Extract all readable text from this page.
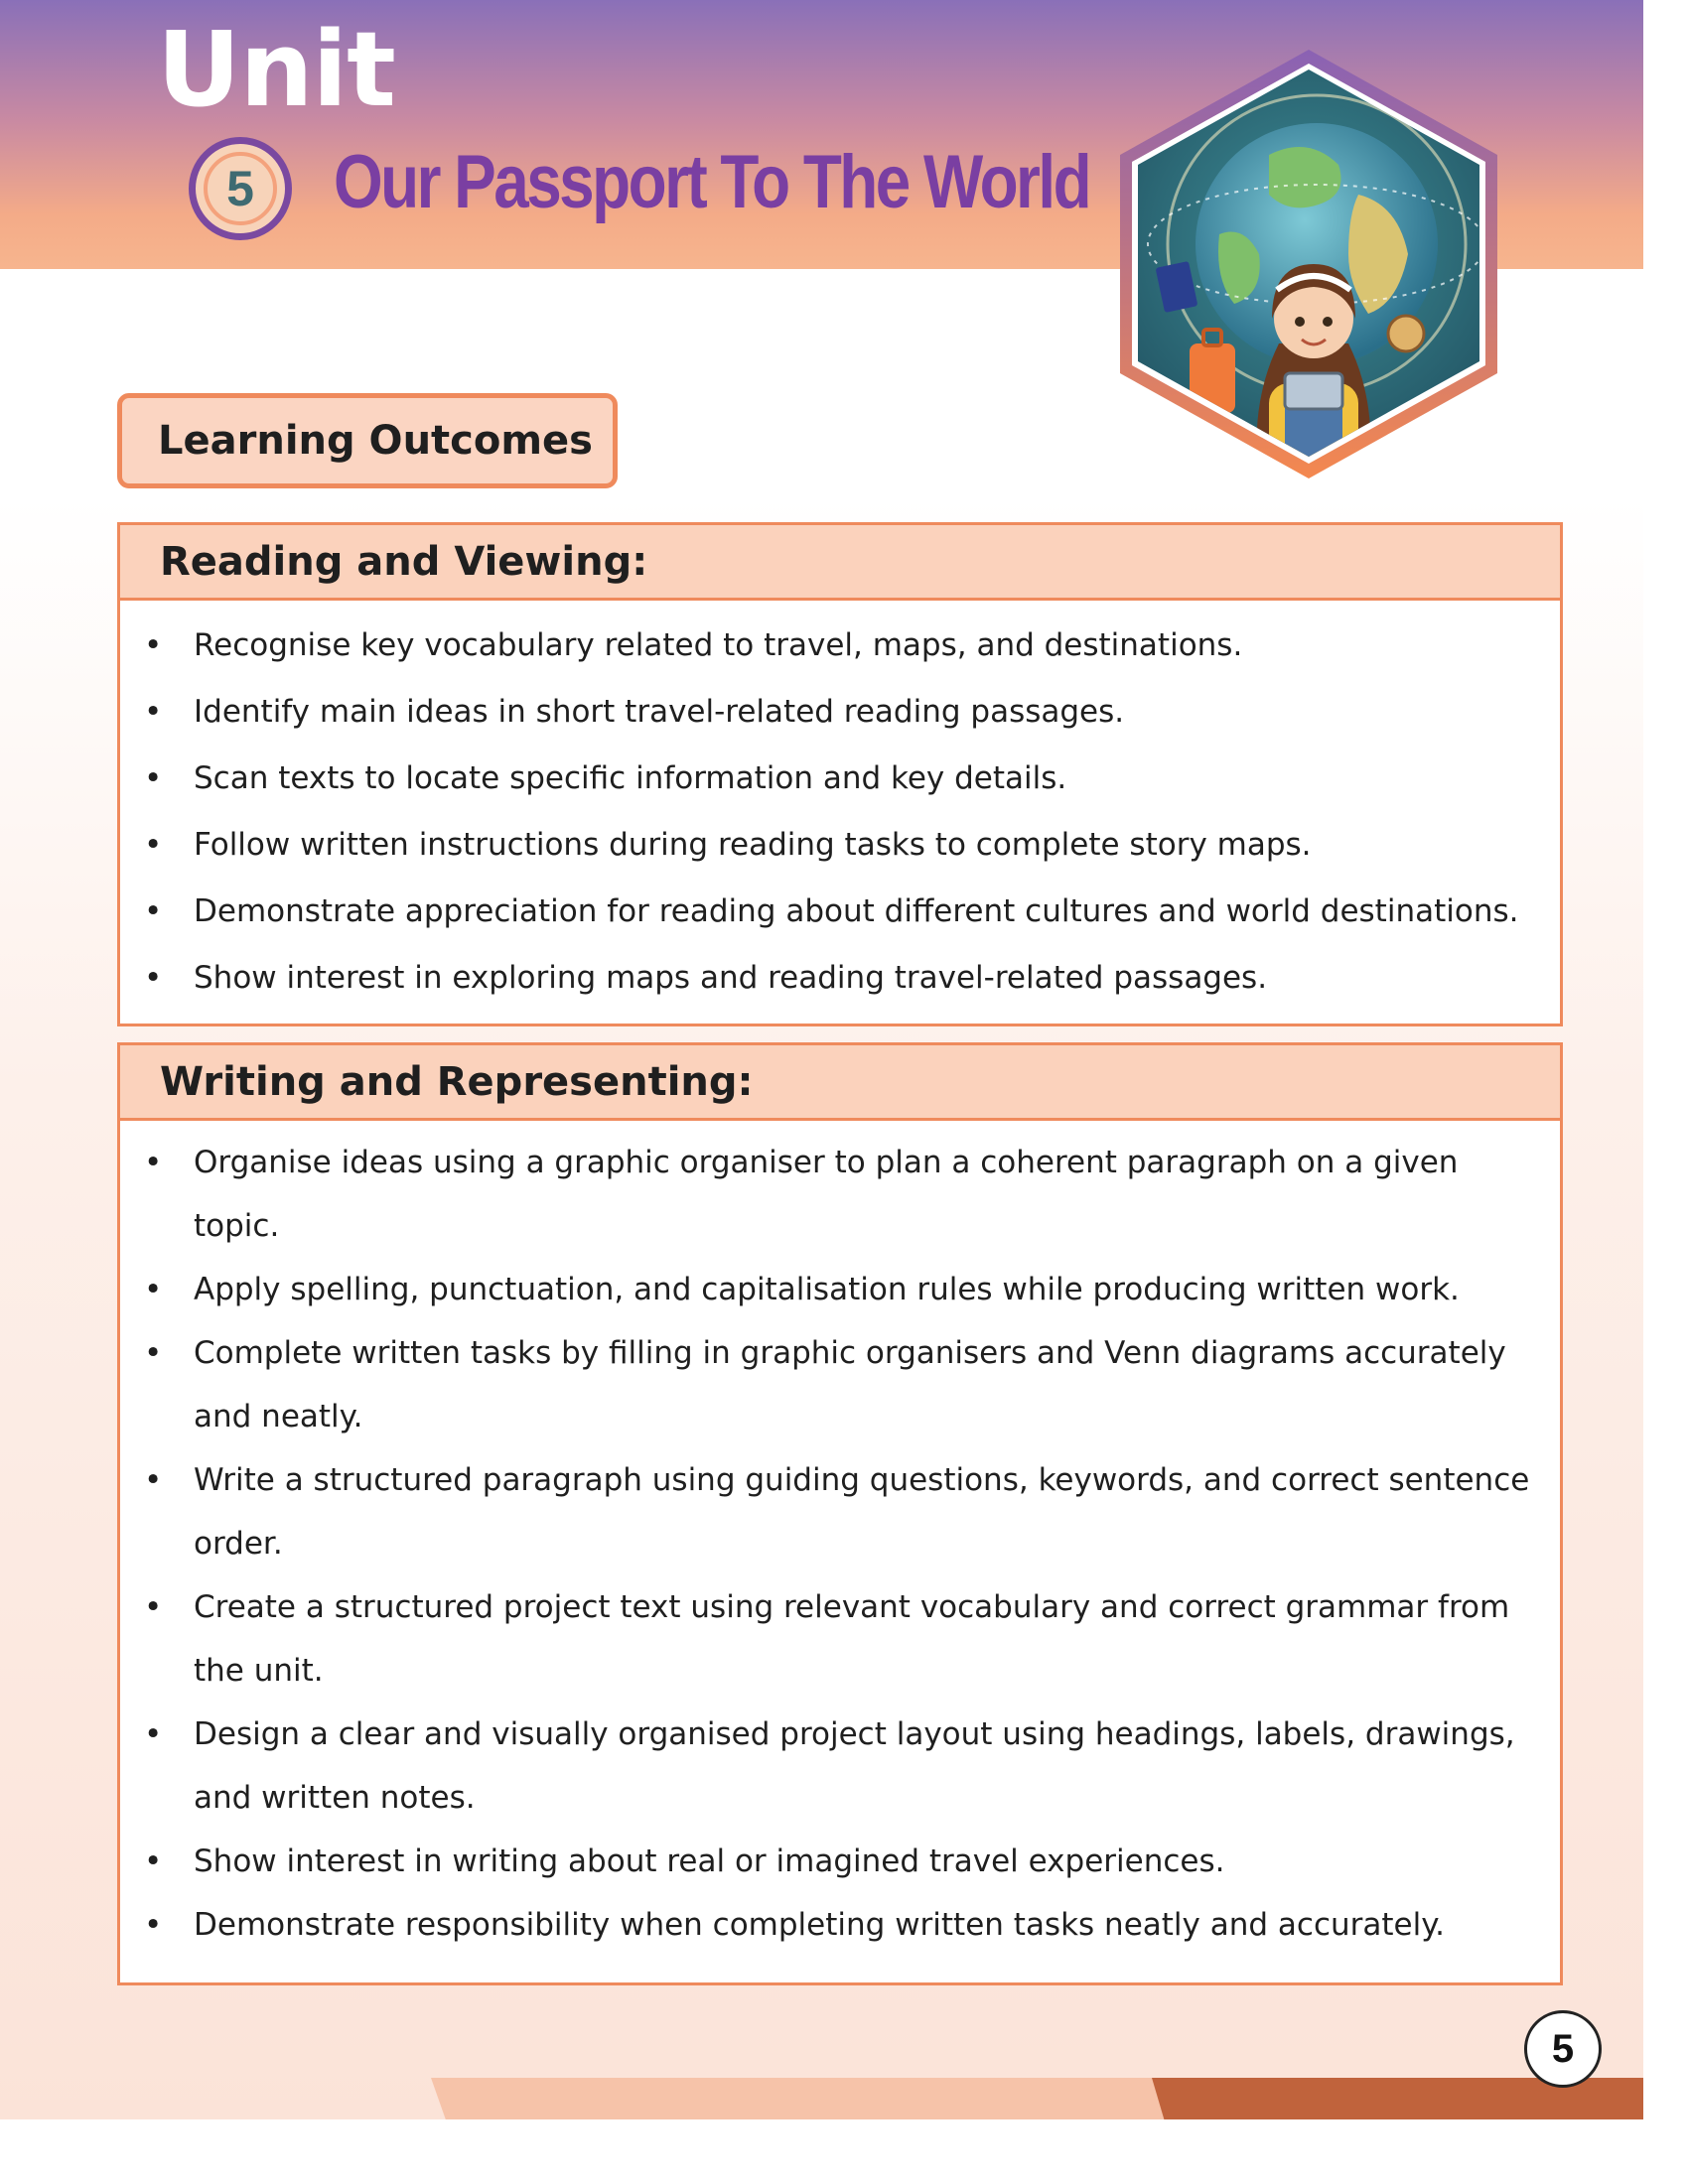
Unit
5	Our Passport To The World
Learning Outcomes
Reading and Viewing:
• Recognise key vocabulary related to travel, maps, and destinations.
• Identify main ideas in short travel-related reading passages.
• Scan texts to locate specific information and key details.
• Follow written instructions during reading tasks to complete story maps.
• Demonstrate appreciation for reading about different cultures and world destinations.
• Show interest in exploring maps and reading travel-related passages.
Writing and Representing:
• Organise ideas using a graphic organiser to plan a coherent paragraph on a given topic.
• Apply spelling, punctuation, and capitalisation rules while producing written work.
• Complete written tasks by filling in graphic organisers and Venn diagrams accurately and neatly.
• Write a structured paragraph using guiding questions, keywords, and correct sentence order.
• Create a structured project text using relevant vocabulary and correct grammar from the unit.
• Design a clear and visually organised project layout using headings, labels, drawings, and written notes.
• Show interest in writing about real or imagined travel experiences.
• Demonstrate responsibility when completing written tasks neatly and accurately.
5
